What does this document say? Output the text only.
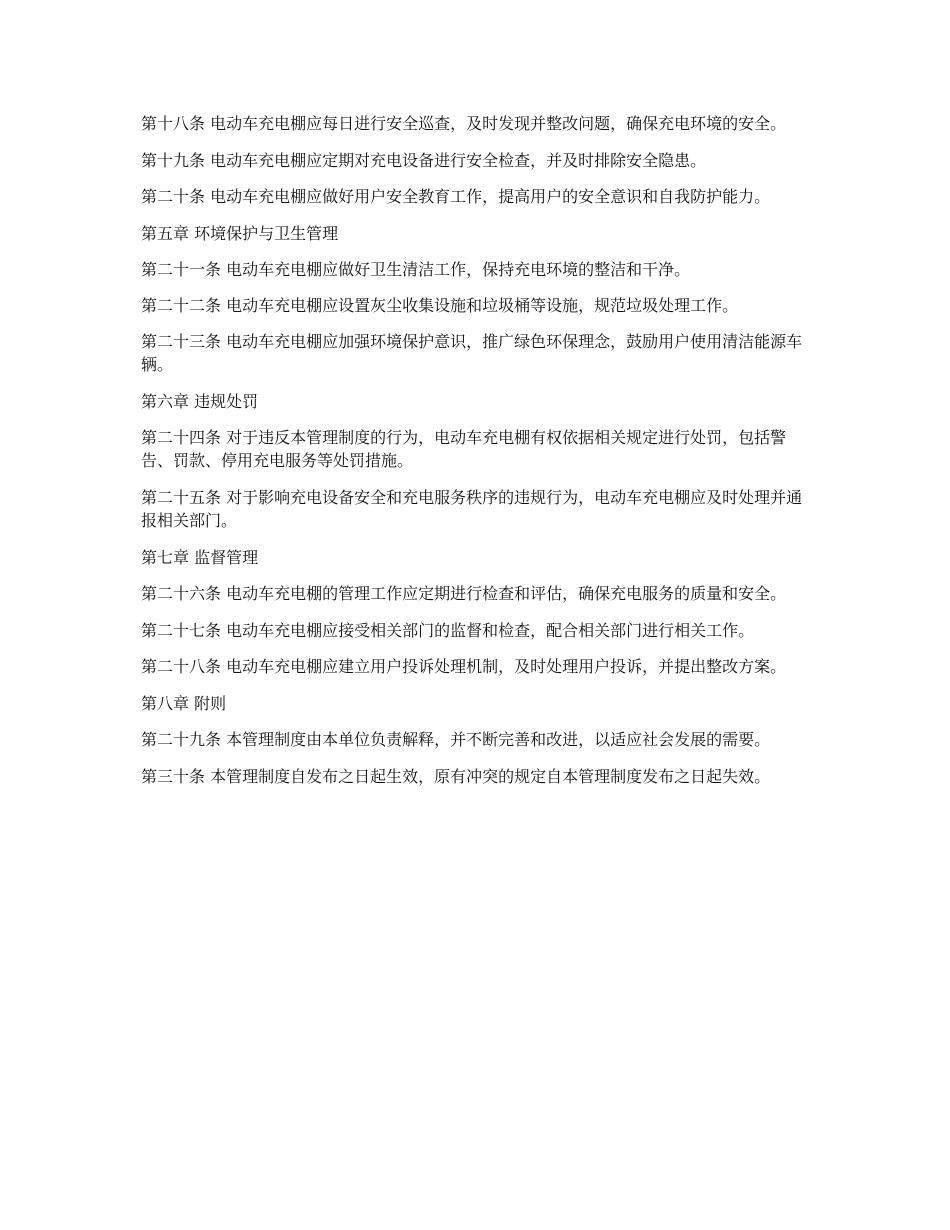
第十八条 电动车充电棚应每日进行安全巡查，及时发现并整改问题，确保充电环境的安全。

第十九条 电动车充电棚应定期对充电设备进行安全检查，并及时排除安全隐患。

第二十条 电动车充电棚应做好用户安全教育工作，提高用户的安全意识和自我防护能力。

第五章 环境保护与卫生管理

第二十一条 电动车充电棚应做好卫生清洁工作，保持充电环境的整洁和干净。

第二十二条 电动车充电棚应设置灰尘收集设施和垃圾桶等设施，规范垃圾处理工作。

第二十三条 电动车充电棚应加强环境保护意识，推广绿色环保理念，鼓励用户使用清洁能源车辆。

第六章 违规处罚

第二十四条 对于违反本管理制度的行为，电动车充电棚有权依据相关规定进行处罚，包括警告、罚款、停用充电服务等处罚措施。

第二十五条 对于影响充电设备安全和充电服务秩序的违规行为，电动车充电棚应及时处理并通报相关部门。

第七章 监督管理

第二十六条 电动车充电棚的管理工作应定期进行检查和评估，确保充电服务的质量和安全。

第二十七条 电动车充电棚应接受相关部门的监督和检查，配合相关部门进行相关工作。

第二十八条 电动车充电棚应建立用户投诉处理机制，及时处理用户投诉，并提出整改方案。

第八章 附则

第二十九条 本管理制度由本单位负责解释，并不断完善和改进，以适应社会发展的需要。

第三十条 本管理制度自发布之日起生效，原有冲突的规定自本管理制度发布之日起失效。
